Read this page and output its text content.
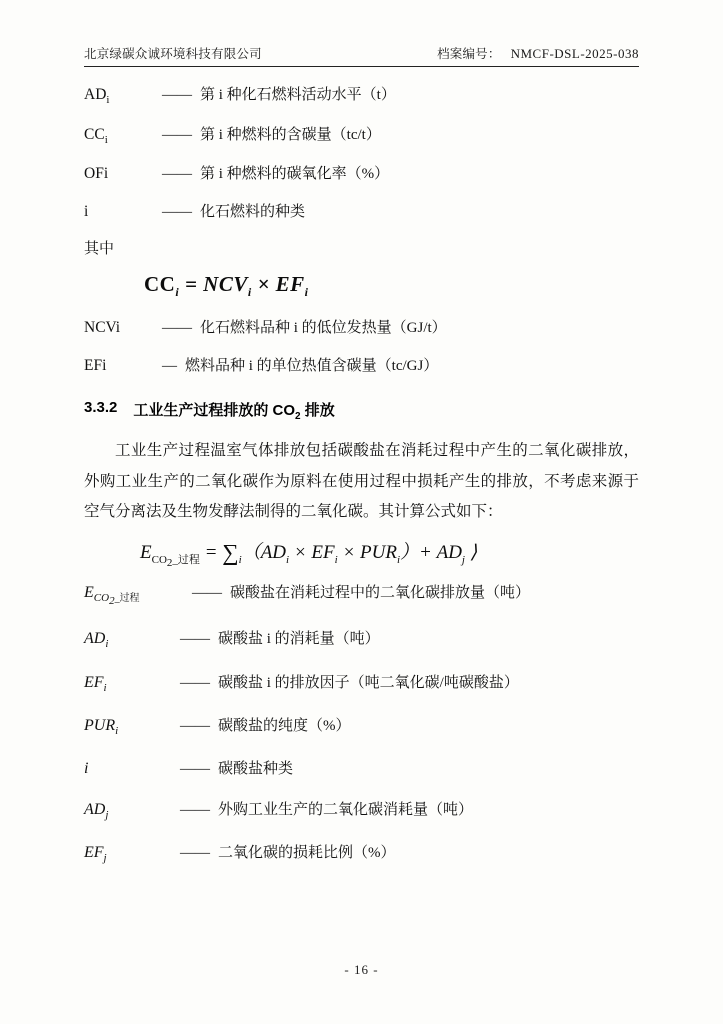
北京绿碳众诚环境科技有限公司	档案编号： NMCF-DSL-2025-038
$AD_i$	—— 第 i 种化石燃料活动水平（t）
$CC_i$	—— 第 i 种燃料的含碳量（tc/t）
OFi	—— 第 i 种燃料的碳氧化率（%）
i	—— 化石燃料的种类
其中
$CC_i = NCV_i \times EF_i$
NCVi	—— 化石燃料品种 i 的低位发热量（GJ/t）
EFi	— 燃料品种 i 的单位热值含碳量（tc/GJ）
3.3.2 工业生产过程排放的 $CO_2$ 排放
工业生产过程温室气体排放包括碳酸盐在消耗过程中产生的二氧化碳排放，外购工业生产的二氧化碳作为原料在使用过程中损耗产生的排放，不考虑来源于空气分离法及生物发酵法制得的二氧化碳。其计算公式如下：
$E_{CO_2\_过程} = \sum_i(AD_i \times EF_i \times PUR_i)+ AD_j$ ⟩
$E_{CO_2\_过程}$	—— 碳酸盐在消耗过程中的二氧化碳排放量（吨）
$AD_i$	—— 碳酸盐 i 的消耗量（吨）
$EF_i$	—— 碳酸盐 i 的排放因子（吨二氧化碳/吨碳酸盐）
$PUR_i$	—— 碳酸盐的纯度（%）
i	—— 碳酸盐种类
$AD_j$	—— 外购工业生产的二氧化碳消耗量（吨）
$EF_j$	—— 二氧化碳的损耗比例（%）
- 16 -
